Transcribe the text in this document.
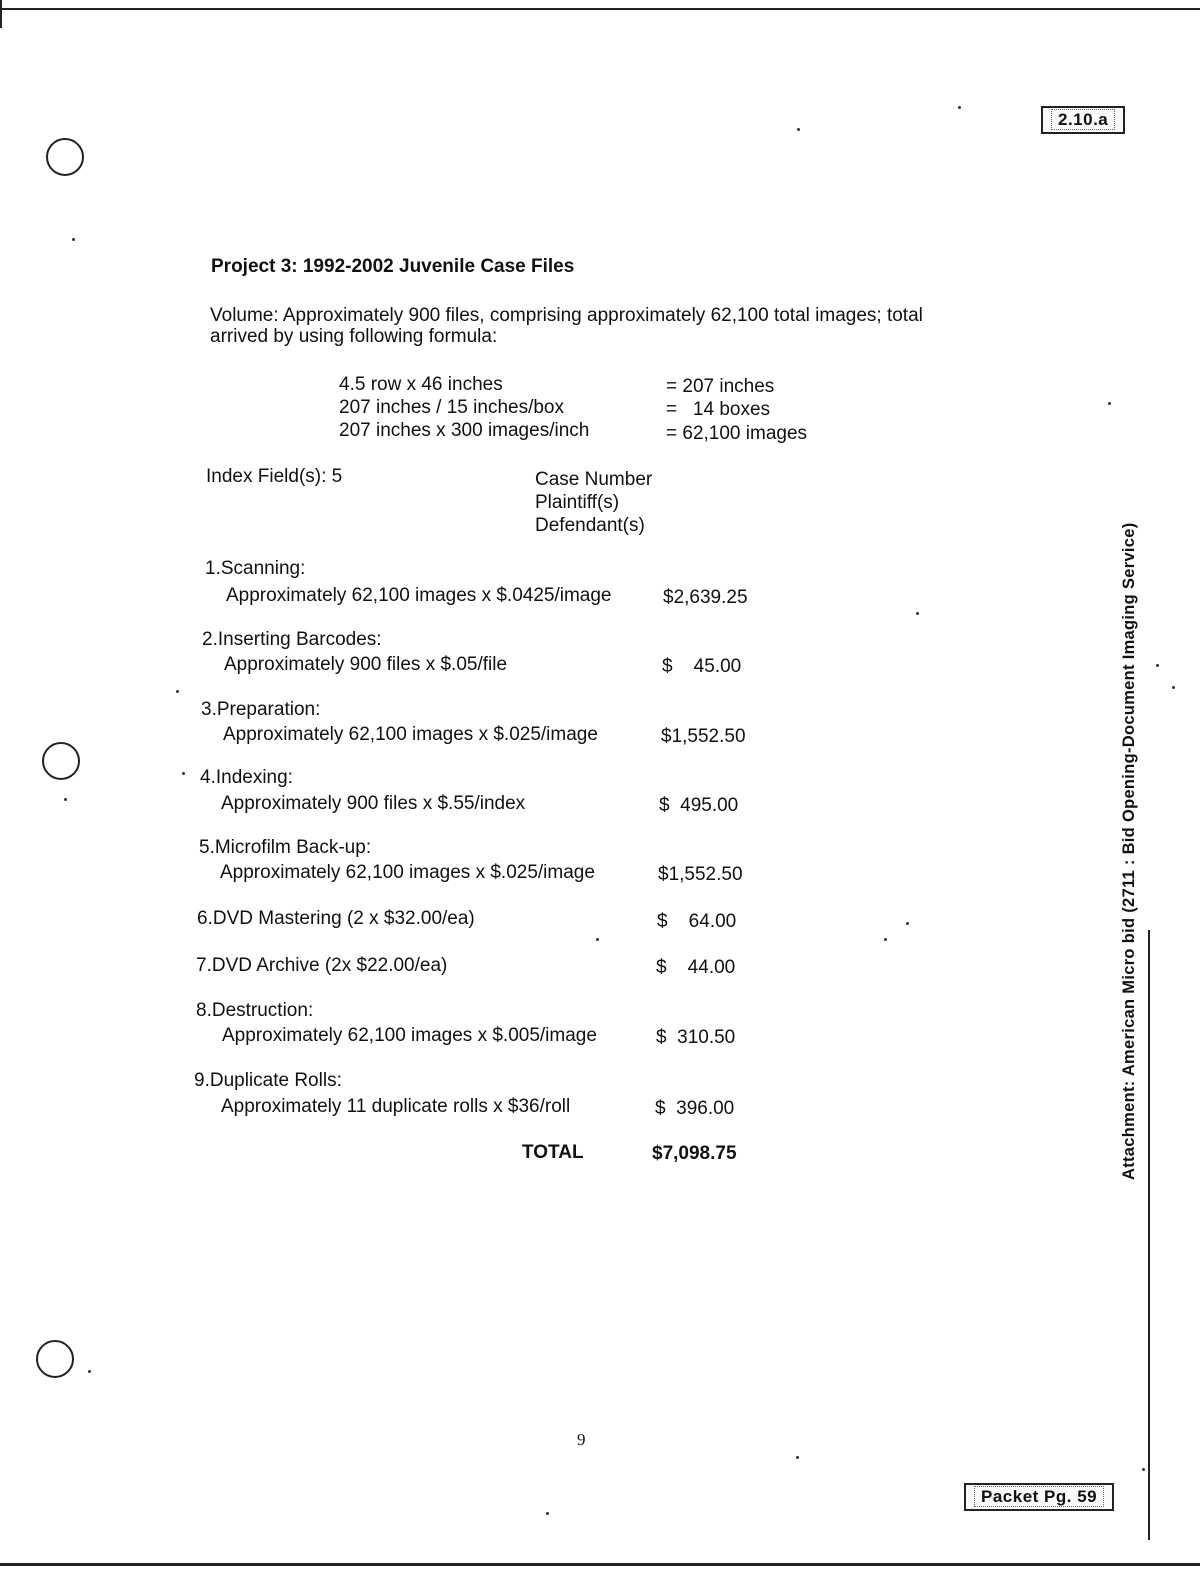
2.10.a
Project 3: 1992-2002 Juvenile Case Files
Volume: Approximately 900 files, comprising approximately 62,100 total images; total
arrived by using following formula:
4.5 row x 46 inches	= 207 inches
207 inches / 15 inches/box	=   14 boxes
207 inches x 300 images/inch	= 62,100 images
Index Field(s): 5	Case Number
Plaintiff(s)
Defendant(s)
1.Scanning:
Approximately 62,100 images x $.0425/image	$2,639.25
2.Inserting Barcodes:
Approximately 900 files x $.05/file	$    45.00
3.Preparation:
Approximately 62,100 images x $.025/image	$1,552.50
4.Indexing:
Approximately 900 files x $.55/index	$  495.00
5.Microfilm Back-up:
Approximately 62,100 images x $.025/image	$1,552.50
6.DVD Mastering (2 x $32.00/ea)	$    64.00
7.DVD Archive (2x $22.00/ea)	$    44.00
8.Destruction:
Approximately 62,100 images x $.005/image	$  310.50
9.Duplicate Rolls:
Approximately 11 duplicate rolls x $36/roll	$  396.00
TOTAL	$7,098.75	Attachment: American Micro bid (2711 : Bid Opening-Document Imaging Service)
9
Packet Pg. 59
